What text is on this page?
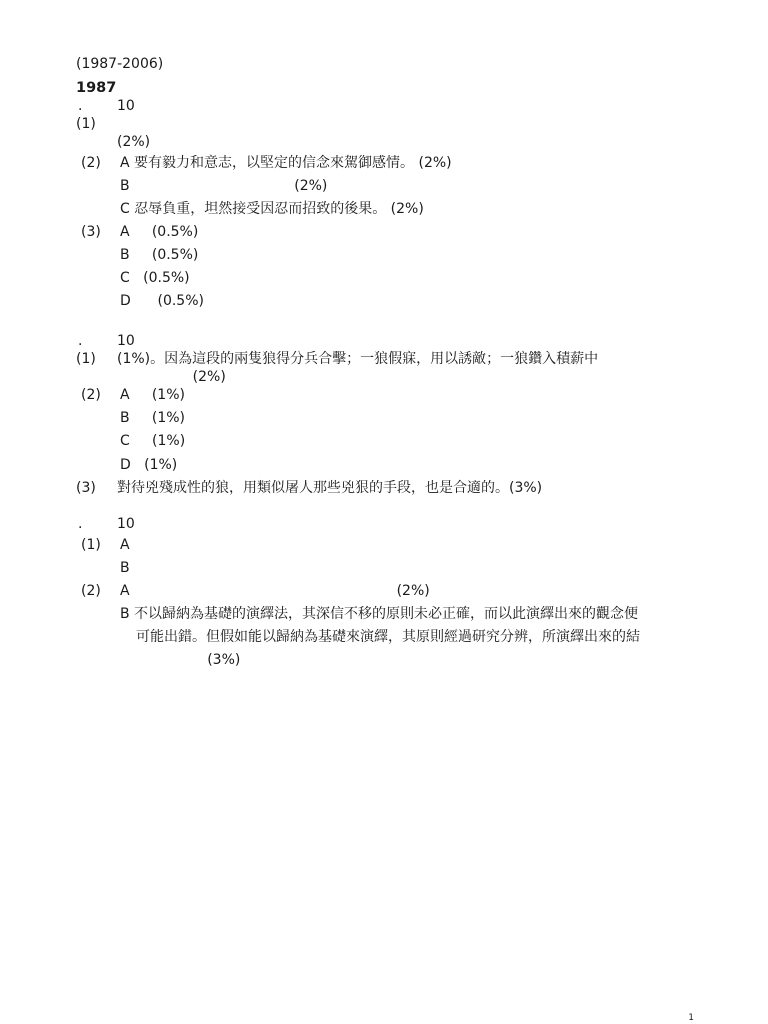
(1987-2006)
1987
. 10
(1)
(2%)
(2) A 要有毅力和意志，以堅定的信念來駕御感情。 (2%)
B                                     (2%)
C 忍辱負重，坦然接受因忍而招致的後果。 (2%)
(3) A     (0.5%)
B     (0.5%)
C   (0.5%)
D      (0.5%)
. 10
(1) (1%)。因為這段的兩隻狼得分兵合擊；一狼假寐，用以誘敵；一狼鑽入積薪中
(2%)
(2) A     (1%)
B     (1%)
C     (1%)
D   (1%)
(3) 對待兇殘成性的狼，用類似屠人那些兇狠的手段，也是合適的。(3%)
. 10
(1) A
B
(2) A                                                            (2%)
B 不以歸納為基礎的演繹法，其深信不移的原則未必正確，而以此演繹出來的觀念便
可能出錯。但假如能以歸納為基礎來演繹，其原則經過研究分辨，所演繹出來的結
(3%)
1
